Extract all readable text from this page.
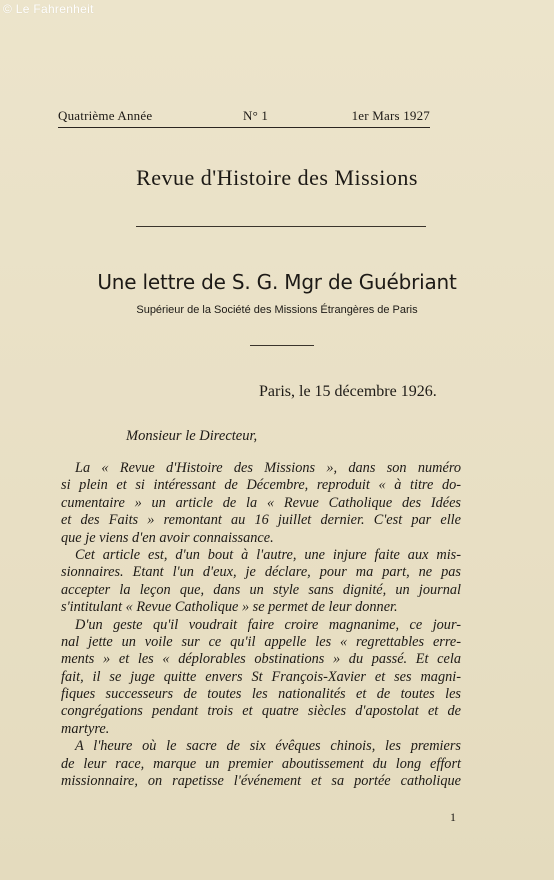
© Le Fahrenheit
Quatrième Année	N° 1	1er Mars 1927
Revue d'Histoire des Missions
Une lettre de S. G. Mgr de Guébriant
Supérieur de la Société des Missions Étrangères de Paris
Paris, le 15 décembre 1926.
Monsieur le Directeur,
La « Revue d'Histoire des Missions », dans son numéro
si plein et si intéressant de Décembre, reproduit « à titre do-
cumentaire » un article de la « Revue Catholique des Idées
et des Faits » remontant au 16 juillet dernier. C'est par elle
que je viens d'en avoir connaissance.
Cet article est, d'un bout à l'autre, une injure faite aux mis-
sionnaires. Etant l'un d'eux, je déclare, pour ma part, ne pas
accepter la leçon que, dans un style sans dignité, un journal
s'intitulant « Revue Catholique » se permet de leur donner.
D'un geste qu'il voudrait faire croire magnanime, ce jour-
nal jette un voile sur ce qu'il appelle les « regrettables erre-
ments » et les « déplorables obstinations » du passé. Et cela
fait, il se juge quitte envers St François-Xavier et ses magni-
fiques successeurs de toutes les nationalités et de toutes les
congrégations pendant trois et quatre siècles d'apostolat et de
martyre.
A l'heure où le sacre de six évêques chinois, les premiers
de leur race, marque un premier aboutissement du long effort
missionnaire, on rapetisse l'événement et sa portée catholique
1
